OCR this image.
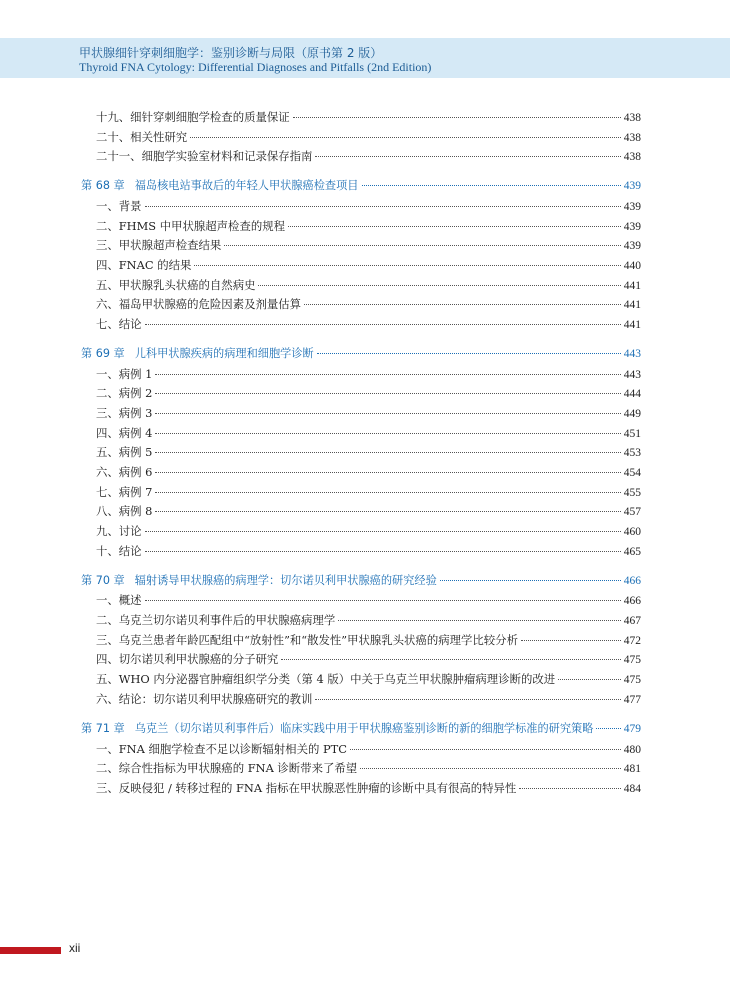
甲状腺细针穿刺细胞学：鉴别诊断与局限（原书第 2 版）
Thyroid FNA Cytology: Differential Diagnoses and Pitfalls (2nd Edition)
十九、细针穿刺细胞学检查的质量保证	438
二十、相关性研究	438
二十一、细胞学实验室材料和记录保存指南	438
第 68 章 福岛核电站事故后的年轻人甲状腺癌检查项目	439
一、背景	439
二、FHMS 中甲状腺超声检查的规程	439
三、甲状腺超声检查结果	439
四、FNAC 的结果	440
五、甲状腺乳头状癌的自然病史	441
六、福岛甲状腺癌的危险因素及剂量估算	441
七、结论	441
第 69 章 儿科甲状腺疾病的病理和细胞学诊断	443
一、病例 1	443
二、病例 2	444
三、病例 3	449
四、病例 4	451
五、病例 5	453
六、病例 6	454
七、病例 7	455
八、病例 8	457
九、讨论	460
十、结论	465
第 70 章 辐射诱导甲状腺癌的病理学：切尔诺贝利甲状腺癌的研究经验	466
一、概述	466
二、乌克兰切尔诺贝利事件后的甲状腺癌病理学	467
三、乌克兰患者年龄匹配组中“放射性”和“散发性”甲状腺乳头状癌的病理学比较分析	472
四、切尔诺贝利甲状腺癌的分子研究	475
五、WHO 内分泌器官肿瘤组织学分类（第 4 版）中关于乌克兰甲状腺肿瘤病理诊断的改进	475
六、结论：切尔诺贝利甲状腺癌研究的教训	477
第 71 章 乌克兰（切尔诺贝利事件后）临床实践中用于甲状腺癌鉴别诊断的新的细胞学标准的研究策略	479
一、FNA 细胞学检查不足以诊断辐射相关的 PTC	480
二、综合性指标为甲状腺癌的 FNA 诊断带来了希望	481
三、反映侵犯 / 转移过程的 FNA 指标在甲状腺恶性肿瘤的诊断中具有很高的特异性	484
xii
